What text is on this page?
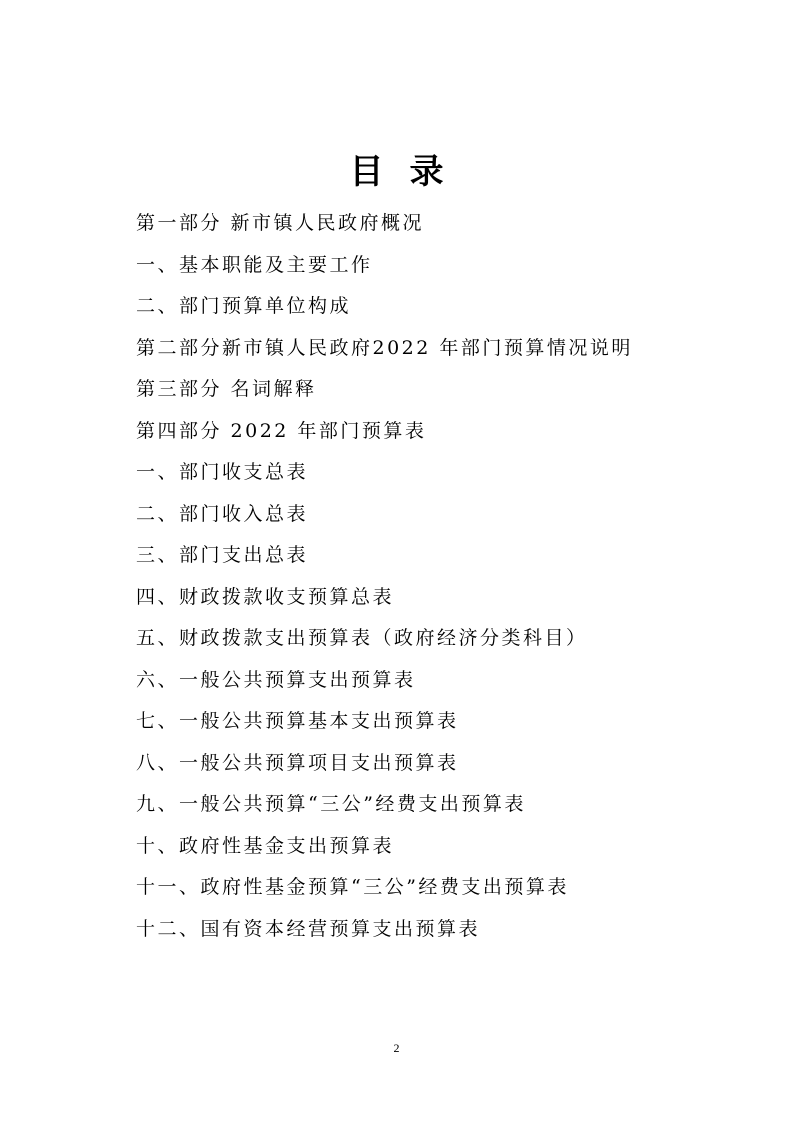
目录
第一部分 新市镇人民政府概况
一、基本职能及主要工作
二、部门预算单位构成
第二部分新市镇人民政府2022 年部门预算情况说明
第三部分 名词解释
第四部分 2022 年部门预算表
一、部门收支总表
二、部门收入总表
三、部门支出总表
四、财政拨款收支预算总表
五、财政拨款支出预算表（政府经济分类科目）
六、一般公共预算支出预算表
七、一般公共预算基本支出预算表
八、一般公共预算项目支出预算表
九、一般公共预算“三公”经费支出预算表
十、政府性基金支出预算表
十一、政府性基金预算“三公”经费支出预算表
十二、国有资本经营预算支出预算表
2
